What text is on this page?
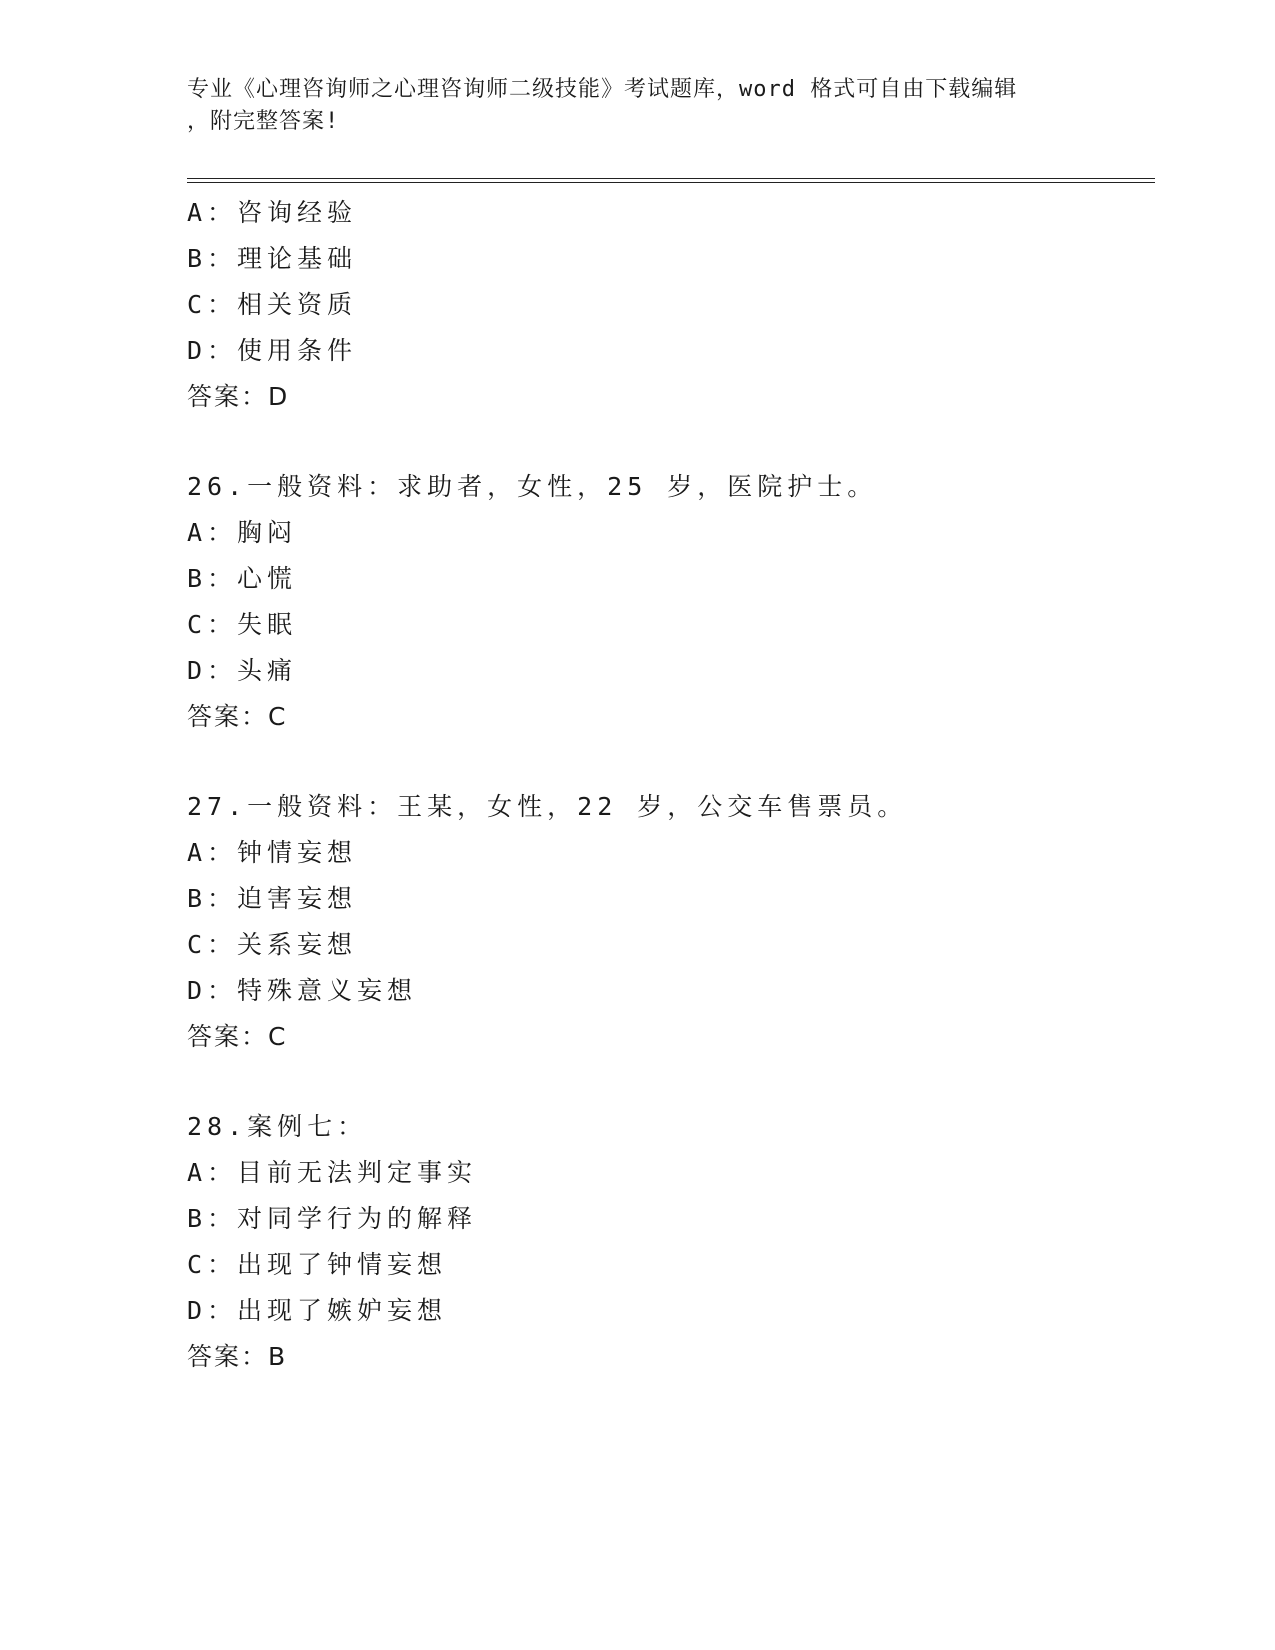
专业《心理咨询师之心理咨询师二级技能》考试题库，word 格式可自由下载编辑
，附完整答案!
A：咨询经验
B：理论基础
C：相关资质
D：使用条件
答案：D
26.一般资料：求助者，女性，25 岁，医院护士。
A：胸闷
B：心慌
C：失眠
D：头痛
答案：C
27.一般资料：王某，女性，22 岁，公交车售票员。
A：钟情妄想
B：迫害妄想
C：关系妄想
D：特殊意义妄想
答案：C
28.案例七：
A：目前无法判定事实
B：对同学行为的解释
C：出现了钟情妄想
D：出现了嫉妒妄想
答案：B
